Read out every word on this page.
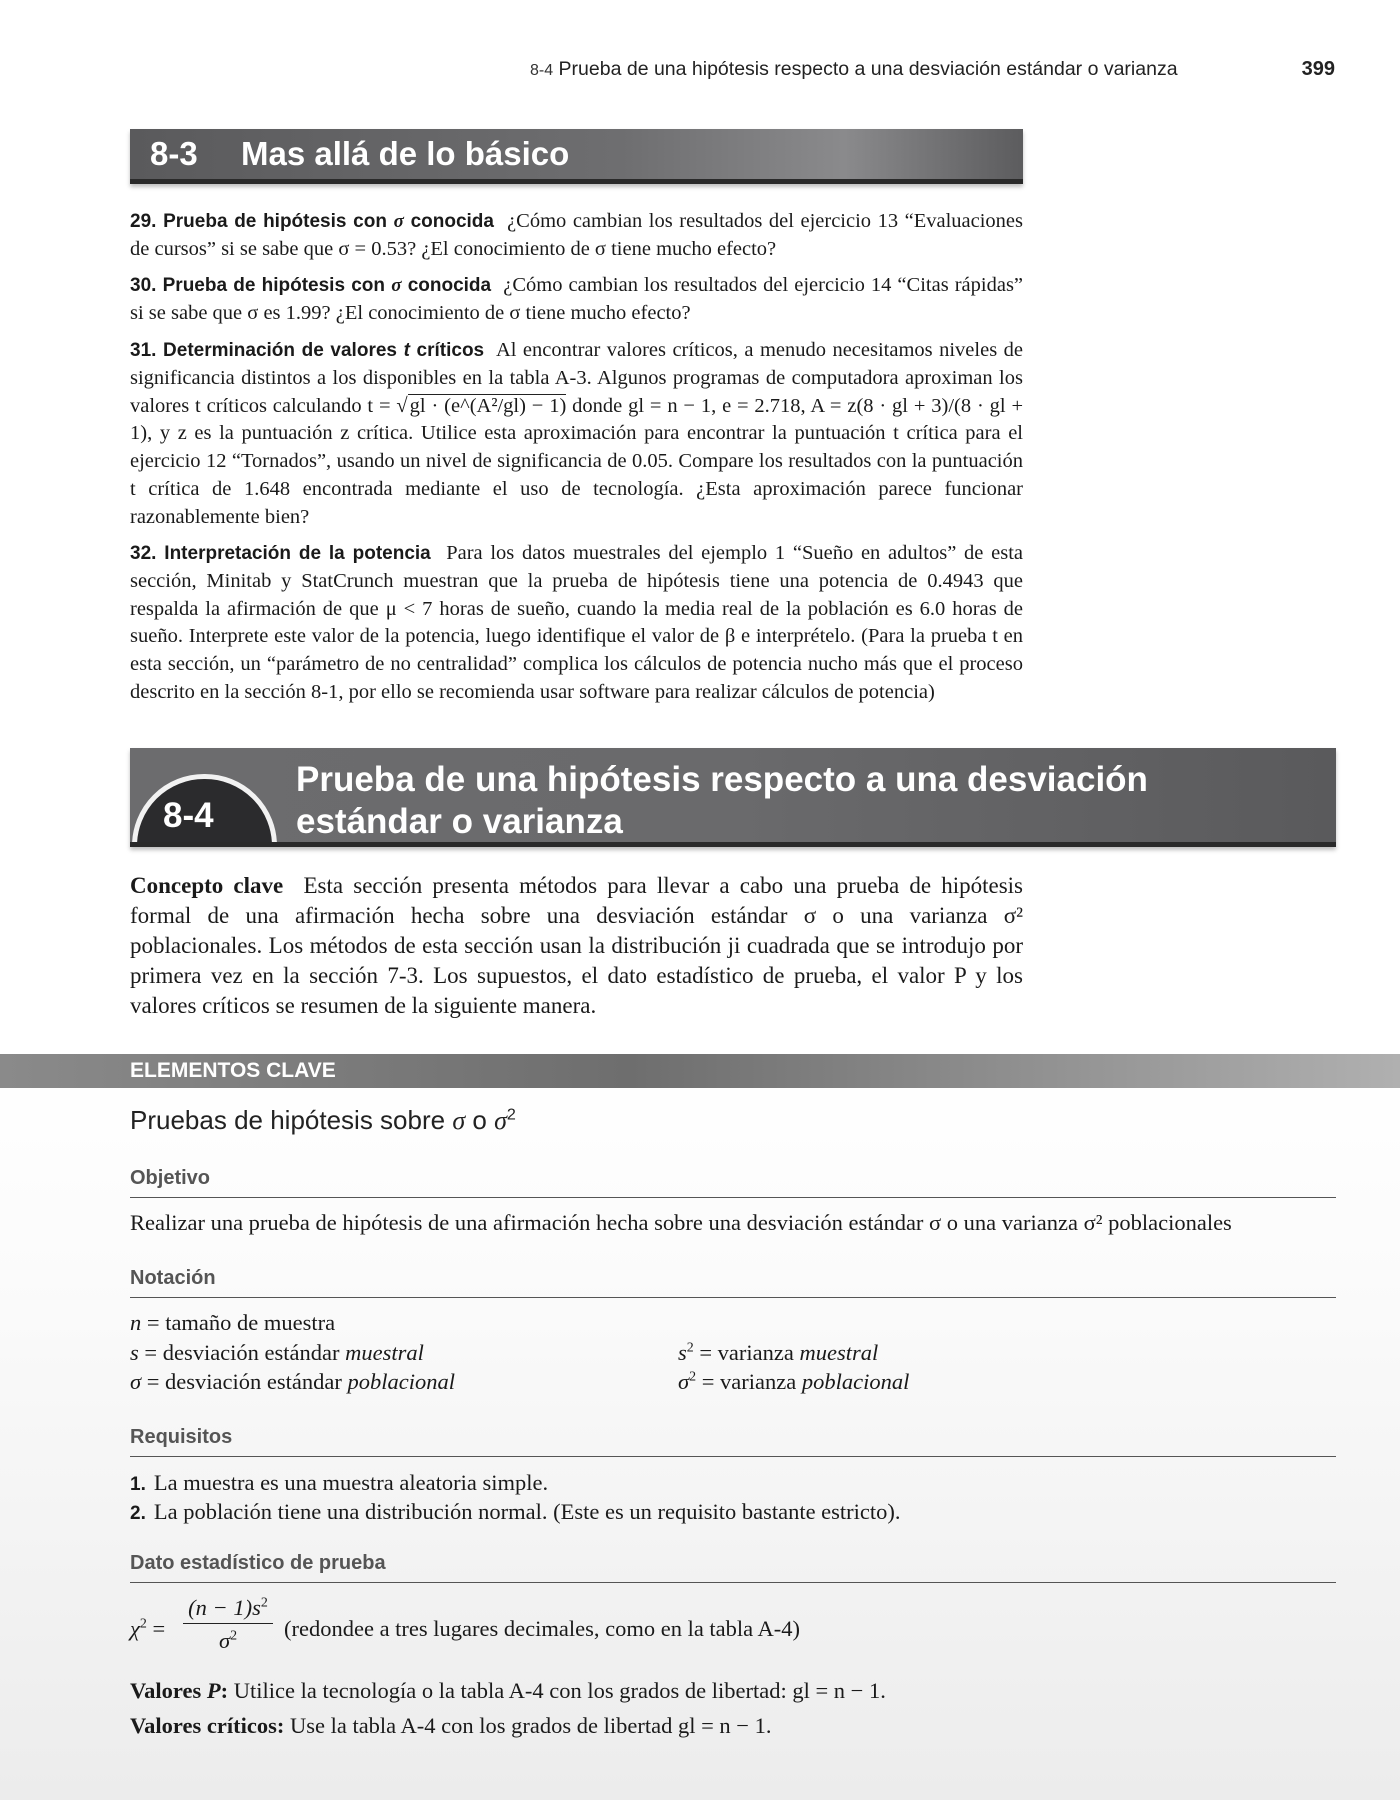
8-4 Prueba de una hipótesis respecto a una desviación estándar o varianza	399
8-3 Mas allá de lo básico
29. Prueba de hipótesis con σ conocida ¿Cómo cambian los resultados del ejercicio 13 “Evaluaciones de cursos” si se sabe que σ = 0.53? ¿El conocimiento de σ tiene mucho efecto?
30. Prueba de hipótesis con σ conocida ¿Cómo cambian los resultados del ejercicio 14 “Citas rápidas” si se sabe que σ es 1.99? ¿El conocimiento de σ tiene mucho efecto?
31. Determinación de valores t críticos Al encontrar valores críticos, a menudo necesitamos niveles de significancia distintos a los disponibles en la tabla A-3. Algunos programas de computadora aproximan los valores t críticos calculando t = √gl · (e^(A²/gl) − 1) donde gl = n − 1, e = 2.718, A = z(8 · gl + 3)/(8 · gl + 1), y z es la puntuación z crítica. Utilice esta aproximación para encontrar la puntuación t crítica para el ejercicio 12 “Tornados”, usando un nivel de significancia de 0.05. Compare los resultados con la puntuación t crítica de 1.648 encontrada mediante el uso de tecnología. ¿Esta aproximación parece funcionar razonablemente bien?
32. Interpretación de la potencia Para los datos muestrales del ejemplo 1 “Sueño en adultos” de esta sección, Minitab y StatCrunch muestran que la prueba de hipótesis tiene una potencia de 0.4943 que respalda la afirmación de que μ < 7 horas de sueño, cuando la media real de la población es 6.0 horas de sueño. Interprete este valor de la potencia, luego identifique el valor de β e interprételo. (Para la prueba t en esta sección, un “parámetro de no centralidad” complica los cálculos de potencia nucho más que el proceso descrito en la sección 8-1, por ello se recomienda usar software para realizar cálculos de potencia)
8-4
Prueba de una hipótesis respecto a una desviación
estándar o varianza
Concepto clave Esta sección presenta métodos para llevar a cabo una prueba de hipótesis formal de una afirmación hecha sobre una desviación estándar σ o una varianza σ² poblacionales. Los métodos de esta sección usan la distribución ji cuadrada que se introdujo por primera vez en la sección 7-3. Los supuestos, el dato estadístico de prueba, el valor P y los valores críticos se resumen de la siguiente manera.
ELEMENTOS CLAVE
Pruebas de hipótesis sobre σ o $\sigma^2$
Objetivo
Realizar una prueba de hipótesis de una afirmación hecha sobre una desviación estándar σ o una varianza σ² poblacionales
Notación
n = tamaño de muestra
s = desviación estándar muestral
σ = desviación estándar poblacional
$s^2$ = varianza muestral
$\sigma^2$ = varianza poblacional
Requisitos
1. La muestra es una muestra aleatoria simple.
2. La población tiene una distribución normal. (Este es un requisito bastante estricto).
Dato estadístico de prueba
$\chi^2 = \frac{(n - 1)s^2}{\sigma^2}$ (redondee a tres lugares decimales, como en la tabla A-4)
Valores P: Utilice la tecnología o la tabla A-4 con los grados de libertad: gl = n − 1.
Valores críticos: Use la tabla A-4 con los grados de libertad gl = n − 1.
